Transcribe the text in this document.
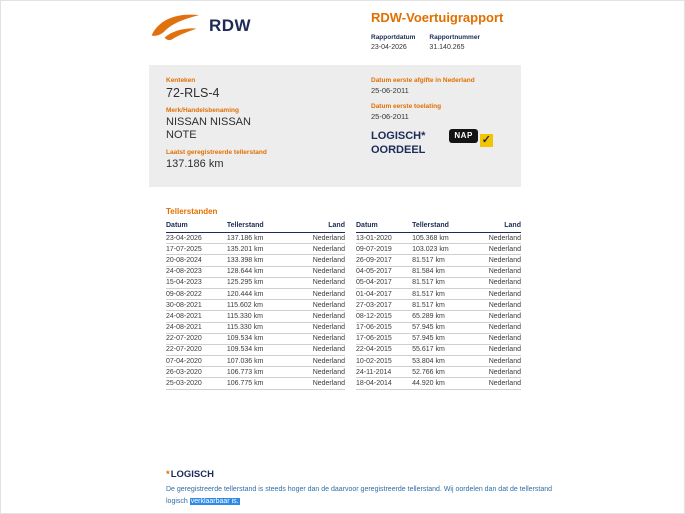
RDW	RDW-Voertuigrapport
Rapportdatum
23-04-2026
Rapportnummer
31.140.265
Kenteken
72-RLS-4
Merk/Handelsbenaming
NISSAN NISSAN NOTE
Laatst geregistreerde tellerstand
137.186 km
Datum eerste afgifte in Nederland
25-06-2011
Datum eerste toelating
25-06-2011
LOGISCH*
OORDEEL
NAP ✓
Tellerstanden
Datum	Tellerstand	Land
23-04-2026	137.186 km	Nederland
17-07-2025	135.201 km	Nederland
20-08-2024	133.398 km	Nederland
24-08-2023	128.644 km	Nederland
15-04-2023	125.295 km	Nederland
09-08-2022	120.444 km	Nederland
30-08-2021	115.602 km	Nederland
24-08-2021	115.330 km	Nederland
24-08-2021	115.330 km	Nederland
22-07-2020	109.534 km	Nederland
22-07-2020	109.534 km	Nederland
07-04-2020	107.036 km	Nederland
26-03-2020	106.773 km	Nederland
25-03-2020	106.775 km	Nederland
Datum	Tellerstand	Land
13-01-2020	105.368 km	Nederland
09-07-2019	103.023 km	Nederland
26-09-2017	81.517 km	Nederland
04-05-2017	81.584 km	Nederland
05-04-2017	81.517 km	Nederland
01-04-2017	81.517 km	Nederland
27-03-2017	81.517 km	Nederland
08-12-2015	65.289 km	Nederland
17-06-2015	57.945 km	Nederland
17-06-2015	57.945 km	Nederland
22-04-2015	55.617 km	Nederland
10-02-2015	53.804 km	Nederland
24-11-2014	52.766 km	Nederland
18-04-2014	44.920 km	Nederland
*LOGISCH

De geregistreerde tellerstand is steeds hoger dan de daarvoor geregistreerde tellerstand. Wij oordelen dan dat de tellerstand logisch verklaarbaar is.
